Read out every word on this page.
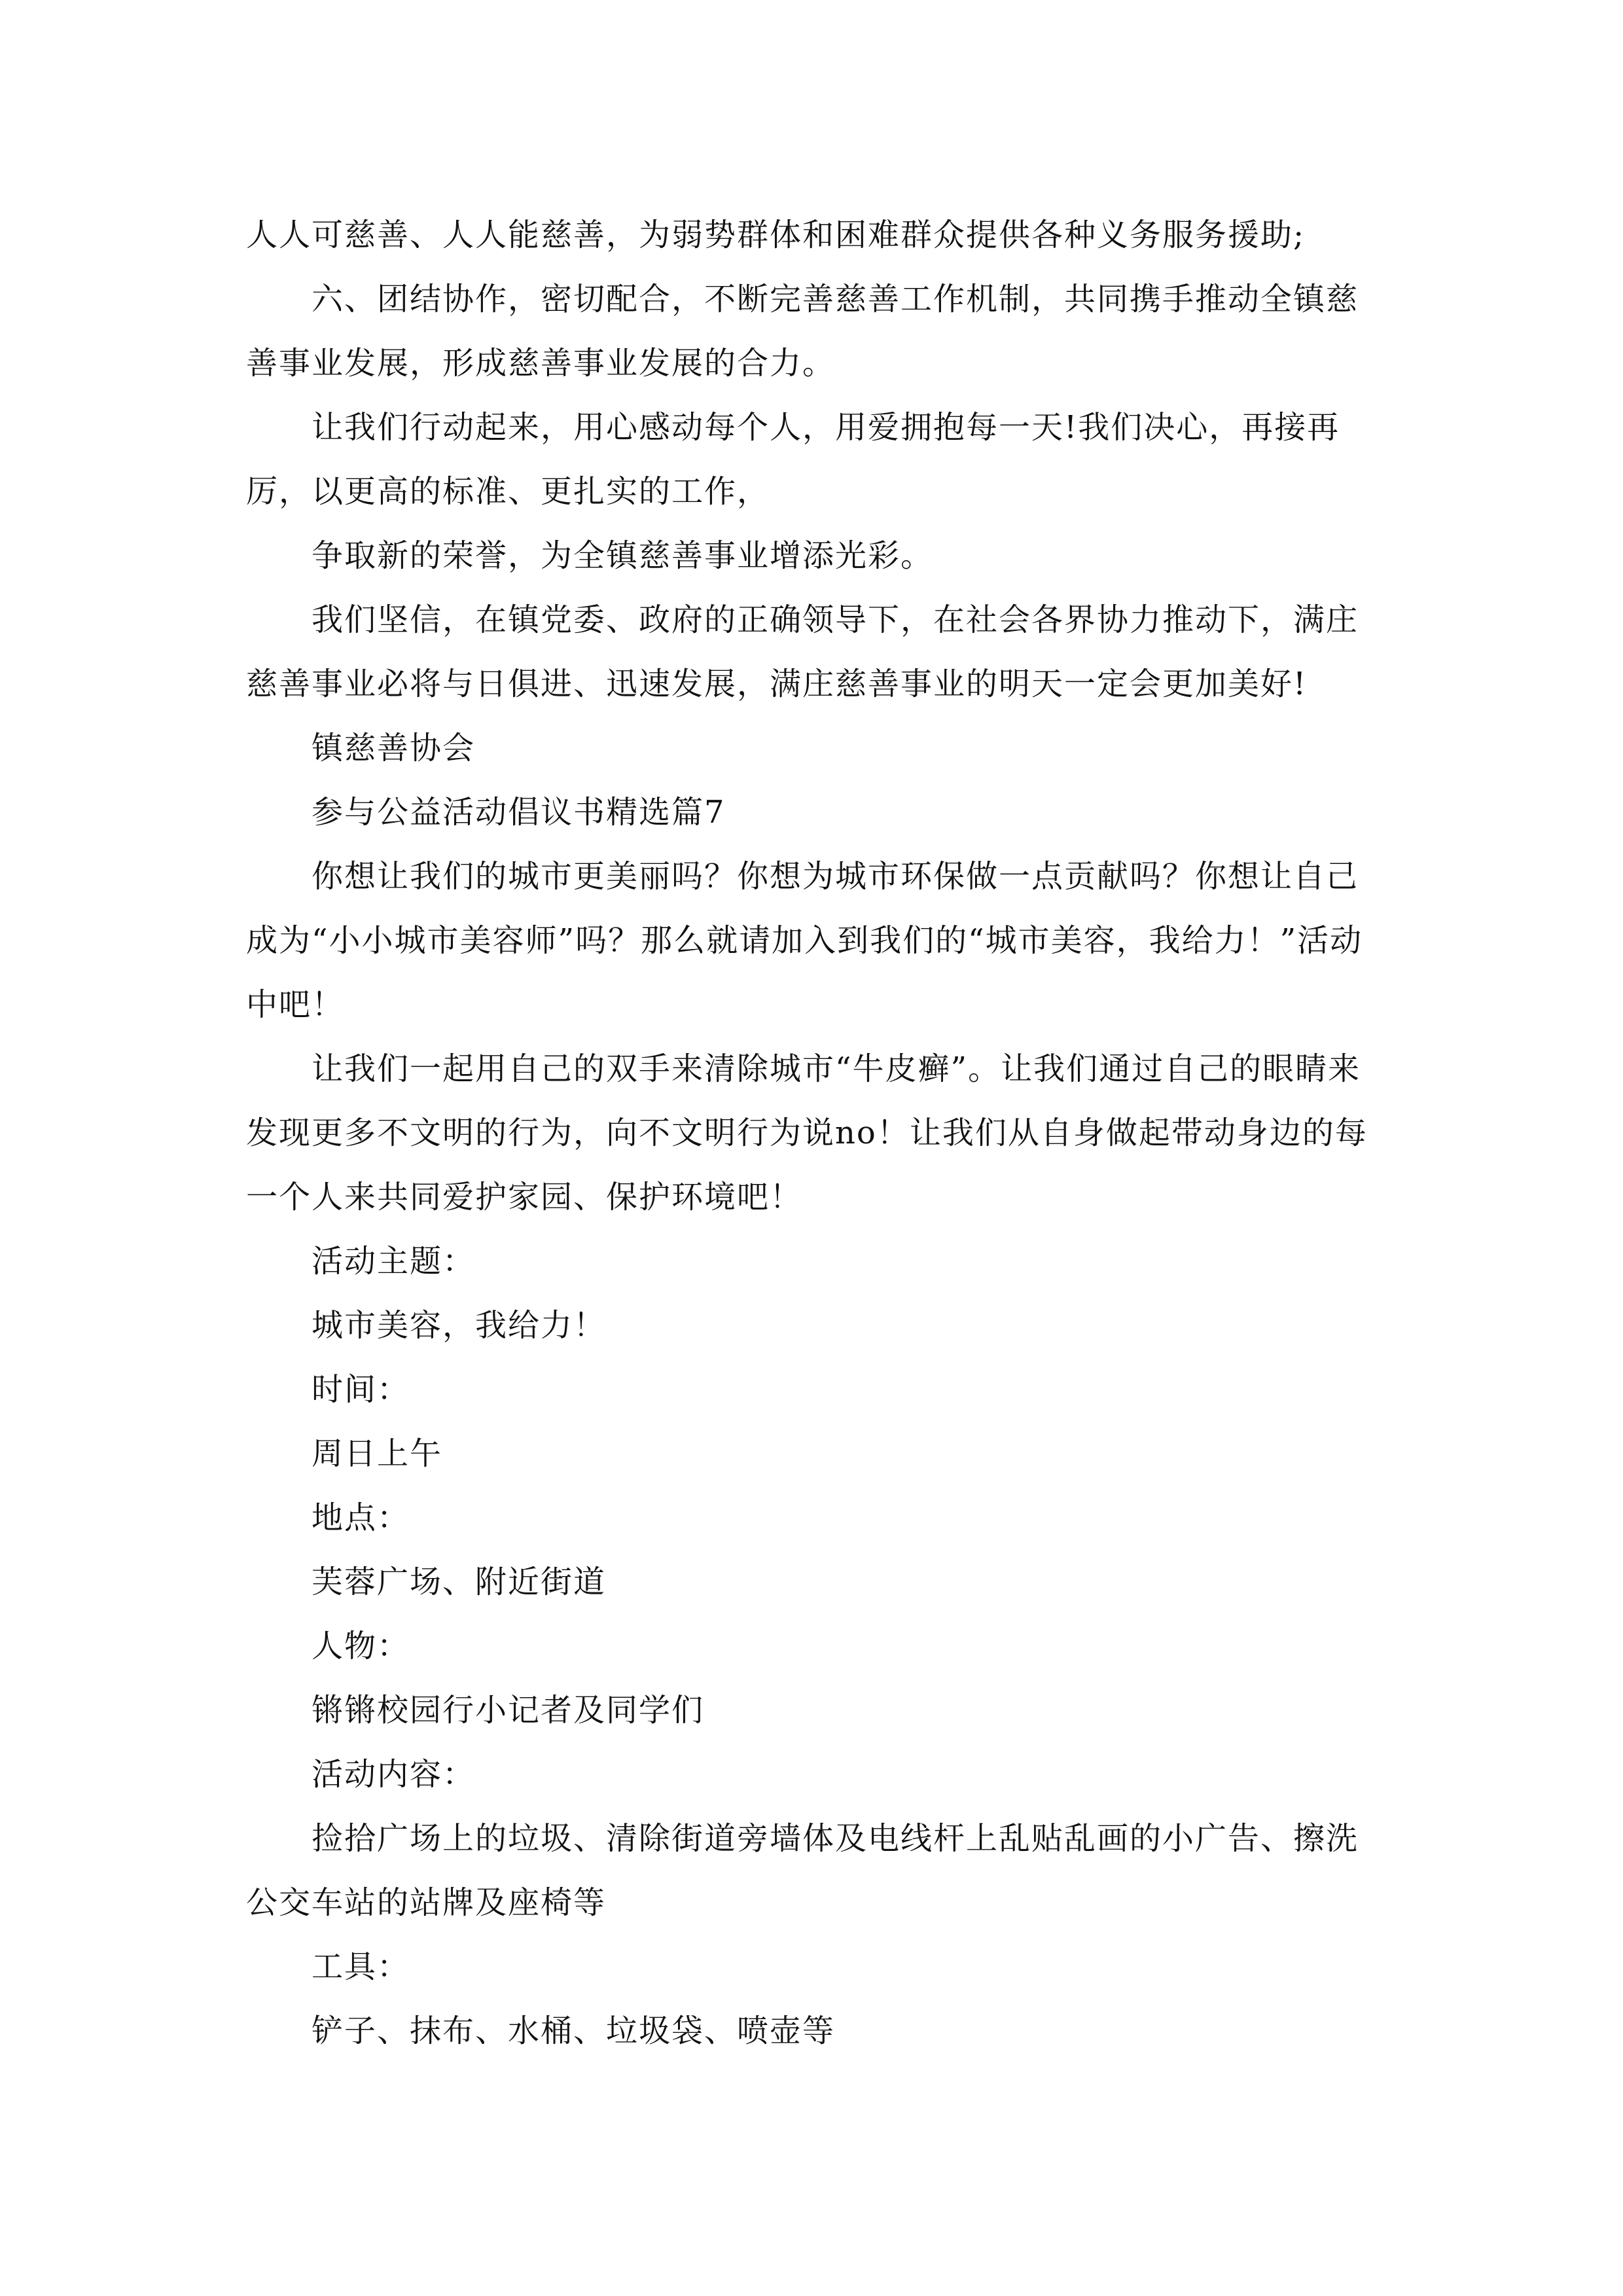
人人可慈善、人人能慈善，为弱势群体和困难群众提供各种义务服务援助;

六、团结协作，密切配合，不断完善慈善工作机制，共同携手推动全镇慈善事业发展，形成慈善事业发展的合力。

让我们行动起来，用心感动每个人，用爱拥抱每一天!我们决心，再接再厉，以更高的标准、更扎实的工作，

争取新的荣誉，为全镇慈善事业增添光彩。

我们坚信，在镇党委、政府的正确领导下，在社会各界协力推动下，满庄慈善事业必将与日俱进、迅速发展，满庄慈善事业的明天一定会更加美好!

镇慈善协会

参与公益活动倡议书精选篇7

你想让我们的城市更美丽吗？你想为城市环保做一点贡献吗？你想让自己成为“小小城市美容师”吗？那么就请加入到我们的“城市美容，我给力！”活动中吧！

让我们一起用自己的双手来清除城市“牛皮癣”。让我们通过自己的眼睛来发现更多不文明的行为，向不文明行为说no！让我们从自身做起带动身边的每一个人来共同爱护家园、保护环境吧！

活动主题：

城市美容，我给力！

时间：

周日上午

地点：

芙蓉广场、附近街道

人物：

锵锵校园行小记者及同学们

活动内容：

捡拾广场上的垃圾、清除街道旁墙体及电线杆上乱贴乱画的小广告、擦洗公交车站的站牌及座椅等

工具：

铲子、抹布、水桶、垃圾袋、喷壶等
